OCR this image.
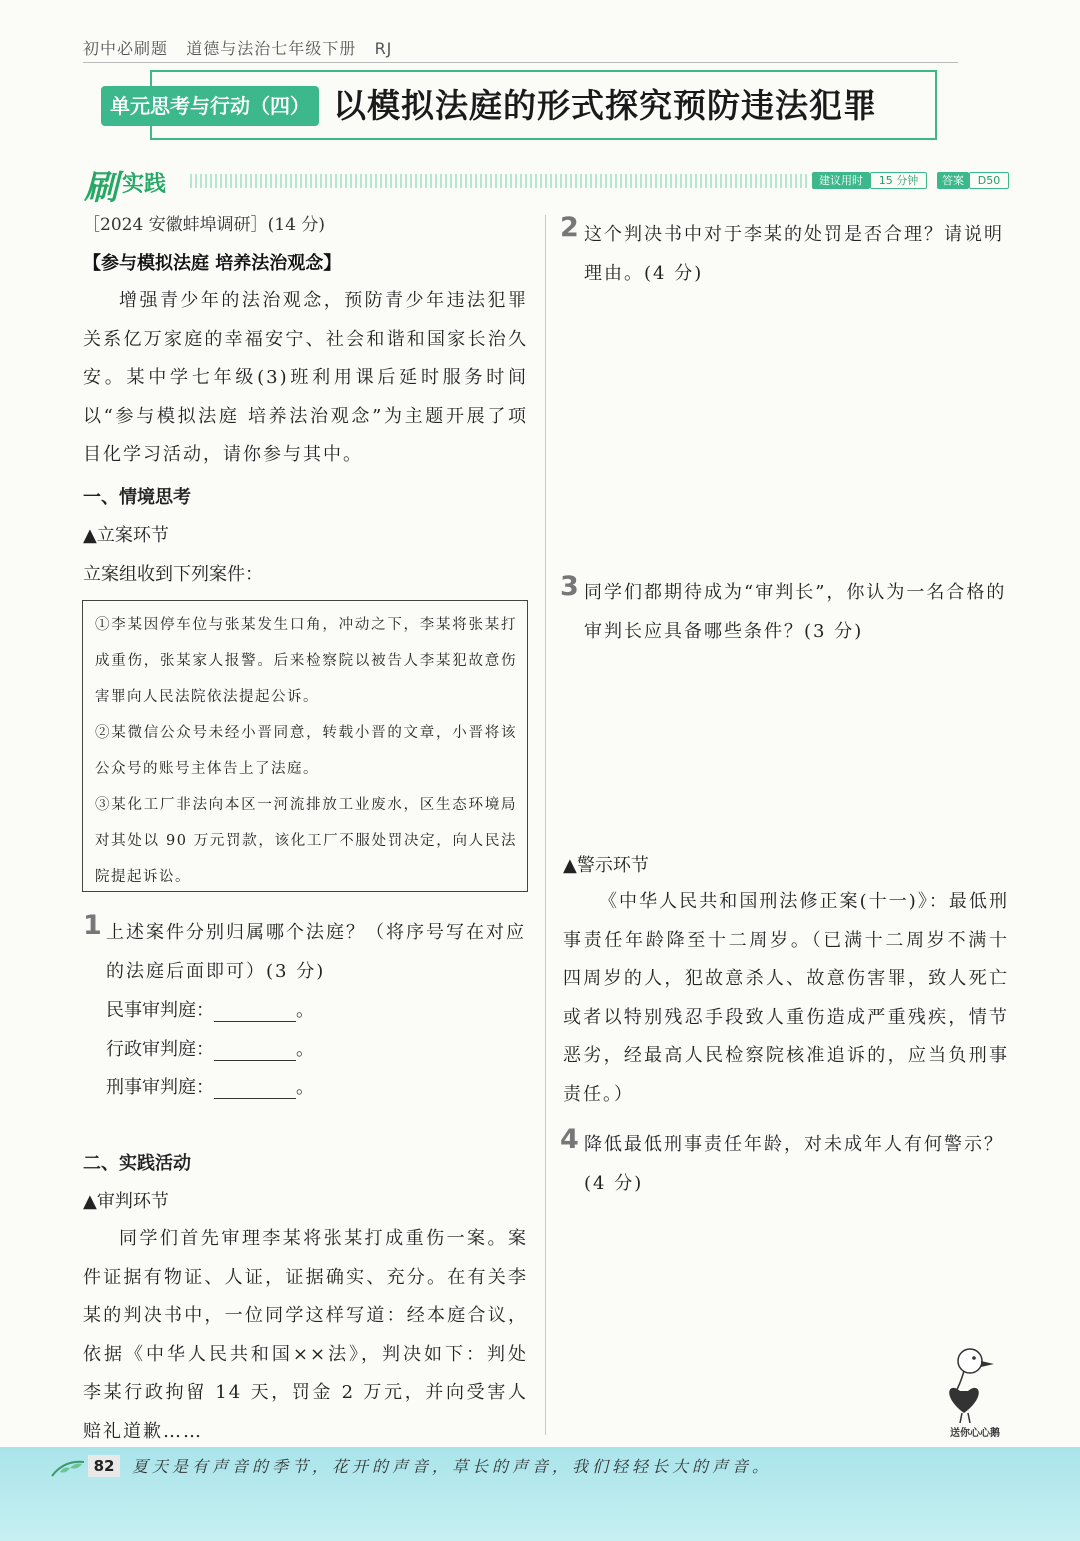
初中必刷题 道德与法治七年级下册 RJ
单元思考与行动（四） 以模拟法庭的形式探究预防违法犯罪
刷 实践	建议用时	15 分钟	答案	D50
［2024 安徽蚌埠调研］(14 分)
【参与模拟法庭 培养法治观念】
增强青少年的法治观念，预防青少年违法犯罪关系亿万家庭的幸福安宁、社会和谐和国家长治久安。某中学七年级(3)班利用课后延时服务时间以“参与模拟法庭 培养法治观念”为主题开展了项目化学习活动，请你参与其中。
一、情境思考
▲立案环节
立案组收到下列案件：
①李某因停车位与张某发生口角，冲动之下，李某将张某打成重伤，张某家人报警。后来检察院以被告人李某犯故意伤害罪向人民法院依法提起公诉。
②某微信公众号未经小晋同意，转载小晋的文章，小晋将该公众号的账号主体告上了法庭。
③某化工厂非法向本区一河流排放工业废水，区生态环境局对其处以 90 万元罚款，该化工厂不服处罚决定，向人民法院提起诉讼。
1 上述案件分别归属哪个法庭？（将序号写在对应的法庭后面即可）(3 分)
民事审判庭：	。
行政审判庭：	。
刑事审判庭：	。
二、实践活动
▲审判环节
同学们首先审理李某将张某打成重伤一案。案件证据有物证、人证，证据确实、充分。在有关李某的判决书中，一位同学这样写道：经本庭合议，依据《中华人民共和国××法》，判决如下：判处李某行政拘留 14 天，罚金 2 万元，并向受害人赔礼道歉……
2 这个判决书中对于李某的处罚是否合理？请说明理由。(4 分)
3 同学们都期待成为“审判长”，你认为一名合格的审判长应具备哪些条件？(3 分)
▲警示环节
《中华人民共和国刑法修正案(十一)》：最低刑事责任年龄降至十二周岁。（已满十二周岁不满十四周岁的人，犯故意杀人、故意伤害罪，致人死亡或者以特别残忍手段致人重伤造成严重残疾，情节恶劣，经最高人民检察院核准追诉的，应当负刑事责任。）
4 降低最低刑事责任年龄，对未成年人有何警示？(4 分)
送你心心鹅
82	夏天是有声音的季节，花开的声音，草长的声音，我们轻轻长大的声音。
